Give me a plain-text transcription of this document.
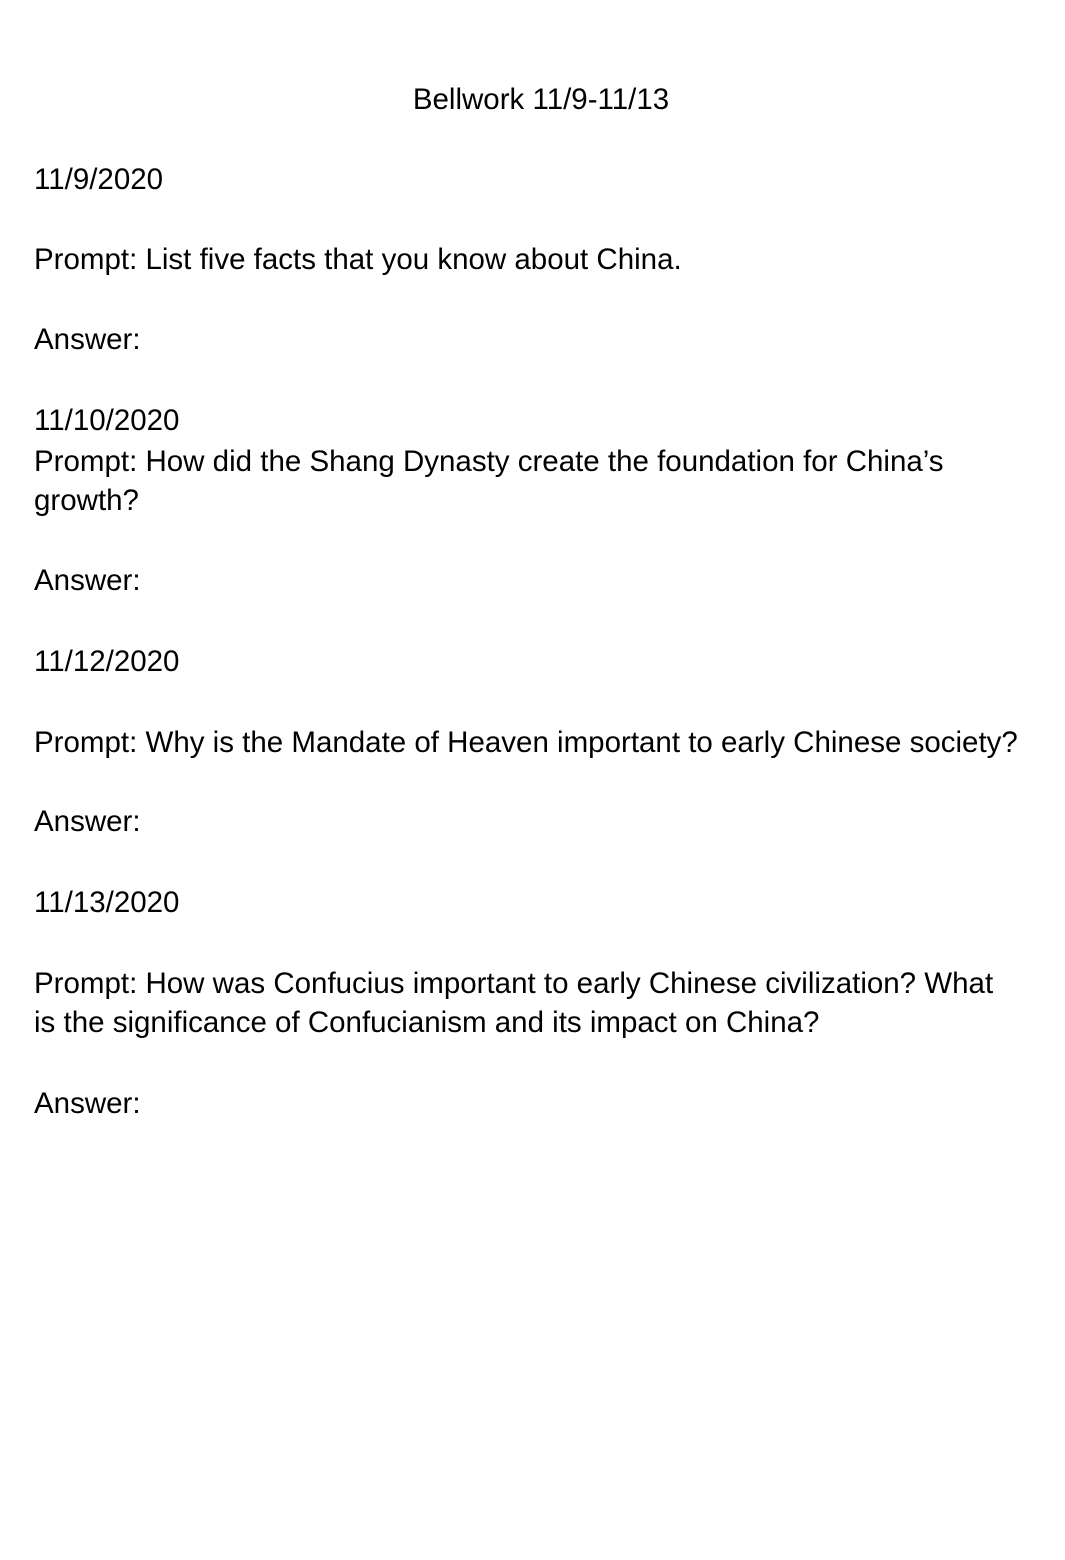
Bellwork 11/9-11/13
11/9/2020
Prompt: List five facts that you know about China.
Answer:
11/10/2020
Prompt: How did the Shang Dynasty create the foundation for China’s
growth?
Answer:
11/12/2020
Prompt: Why is the Mandate of Heaven important to early Chinese society?
Answer:
11/13/2020
Prompt: How was Confucius important to early Chinese civilization? What
is the significance of Confucianism and its impact on China?
Answer:
